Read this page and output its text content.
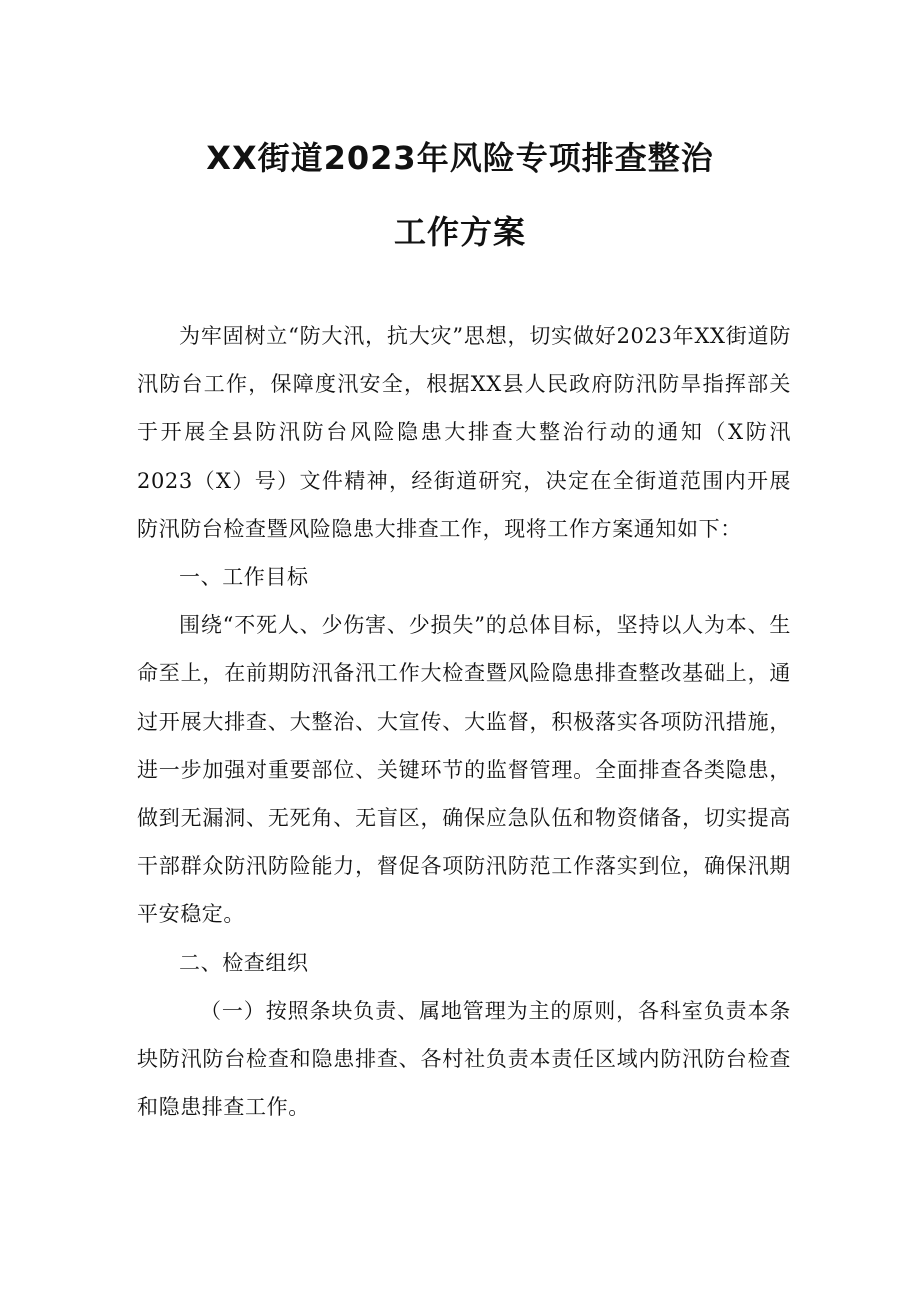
XX街道2023年风险专项排查整治
工作方案

为牢固树立“防大汛，抗大灾”思想，切实做好2023年XX街道防汛防台工作，保障度汛安全，根据XX县人民政府防汛防旱指挥部关于开展全县防汛防台风险隐患大排查大整治行动的通知（X防汛2023（X）号）文件精神，经街道研究，决定在全街道范围内开展防汛防台检查暨风险隐患大排查工作，现将工作方案通知如下：

一、工作目标

围绕“不死人、少伤害、少损失”的总体目标，坚持以人为本、生命至上，在前期防汛备汛工作大检查暨风险隐患排查整改基础上，通过开展大排查、大整治、大宣传、大监督，积极落实各项防汛措施，进一步加强对重要部位、关键环节的监督管理。全面排查各类隐患，做到无漏洞、无死角、无盲区，确保应急队伍和物资储备，切实提高干部群众防汛防险能力，督促各项防汛防范工作落实到位，确保汛期平安稳定。

二、检查组织

（一）按照条块负责、属地管理为主的原则，各科室负责本条块防汛防台检查和隐患排查、各村社负责本责任区域内防汛防台检查和隐患排查工作。
